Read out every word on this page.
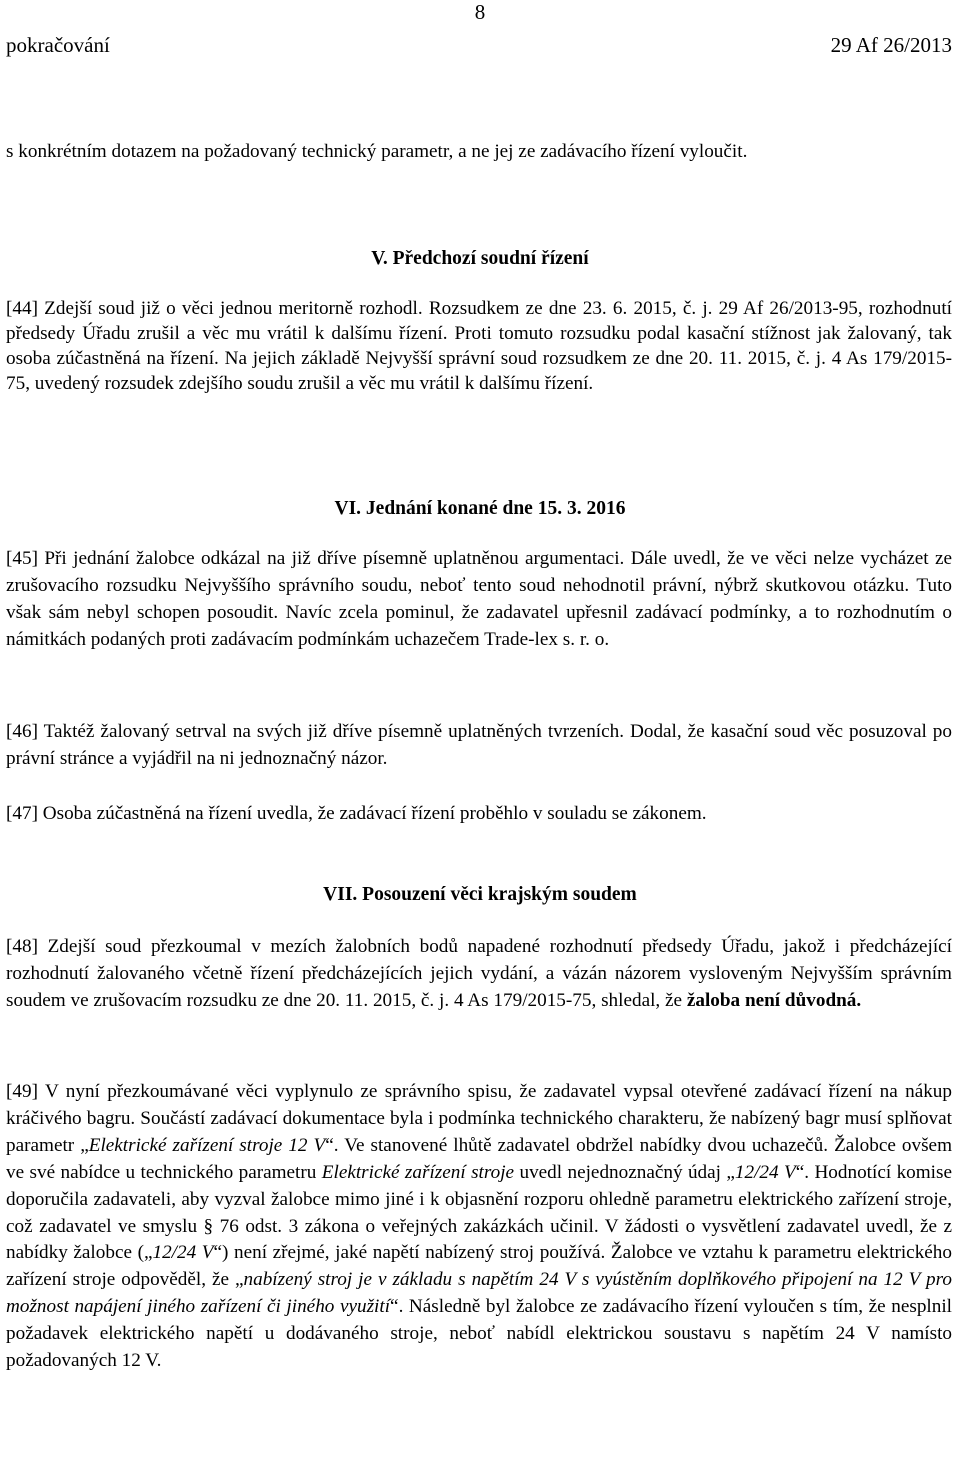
8
pokračování	29 Af 26/2013

s konkrétním dotazem na požadovaný technický parametr, a ne jej ze zadávacího řízení vyloučit.

V. Předchozí soudní řízení

[44] Zdejší soud již o věci jednou meritorně rozhodl. Rozsudkem ze dne 23. 6. 2015, č. j. 29 Af 26/2013-95, rozhodnutí předsedy Úřadu zrušil a věc mu vrátil k dalšímu řízení. Proti tomuto rozsudku podal kasační stížnost jak žalovaný, tak osoba zúčastněná na řízení. Na jejich základě Nejvyšší správní soud rozsudkem ze dne 20. 11. 2015, č. j. 4 As 179/2015-75, uvedený rozsudek zdejšího soudu zrušil a věc mu vrátil k dalšímu řízení.

VI. Jednání konané dne 15. 3. 2016

[45] Při jednání žalobce odkázal na již dříve písemně uplatněnou argumentaci. Dále uvedl, že ve věci nelze vycházet ze zrušovacího rozsudku Nejvyššího správního soudu, neboť tento soud nehodnotil právní, nýbrž skutkovou otázku. Tuto však sám nebyl schopen posoudit. Navíc zcela pominul, že zadavatel upřesnil zadávací podmínky, a to rozhodnutím o námitkách podaných proti zadávacím podmínkám uchazečem Trade-lex s. r. o.

[46] Taktéž žalovaný setrval na svých již dříve písemně uplatněných tvrzeních. Dodal, že kasační soud věc posuzoval po právní stránce a vyjádřil na ni jednoznačný názor.

[47] Osoba zúčastněná na řízení uvedla, že zadávací řízení proběhlo v souladu se zákonem.

VII. Posouzení věci krajským soudem

[48] Zdejší soud přezkoumal v mezích žalobních bodů napadené rozhodnutí předsedy Úřadu, jakož i předcházející rozhodnutí žalovaného včetně řízení předcházejících jejich vydání, a vázán názorem vysloveným Nejvyšším správním soudem ve zrušovacím rozsudku ze dne 20. 11. 2015, č. j. 4 As 179/2015-75, shledal, že žaloba není důvodná.

[49] V nyní přezkoumávané věci vyplynulo ze správního spisu, že zadavatel vypsal otevřené zadávací řízení na nákup kráčivého bagru. Součástí zadávací dokumentace byla i podmínka technického charakteru, že nabízený bagr musí splňovat parametr „Elektrické zařízení stroje 12 V“. Ve stanovené lhůtě zadavatel obdržel nabídky dvou uchazečů. Žalobce ovšem ve své nabídce u technického parametru Elektrické zařízení stroje uvedl nejednoznačný údaj „12/24 V“. Hodnotící komise doporučila zadavateli, aby vyzval žalobce mimo jiné i k objasnění rozporu ohledně parametru elektrického zařízení stroje, což zadavatel ve smyslu § 76 odst. 3 zákona o veřejných zakázkách učinil. V žádosti o vysvětlení zadavatel uvedl, že z nabídky žalobce („12/24 V“) není zřejmé, jaké napětí nabízený stroj používá. Žalobce ve vztahu k parametru elektrického zařízení stroje odpověděl, že „nabízený stroj je v základu s napětím 24 V s vyústěním doplňkového připojení na 12 V pro možnost napájení jiného zařízení či jiného využití“. Následně byl žalobce ze zadávacího řízení vyloučen s tím, že nesplnil požadavek elektrického napětí u dodávaného stroje, neboť nabídl elektrickou soustavu s napětím 24 V namísto požadovaných 12 V.
